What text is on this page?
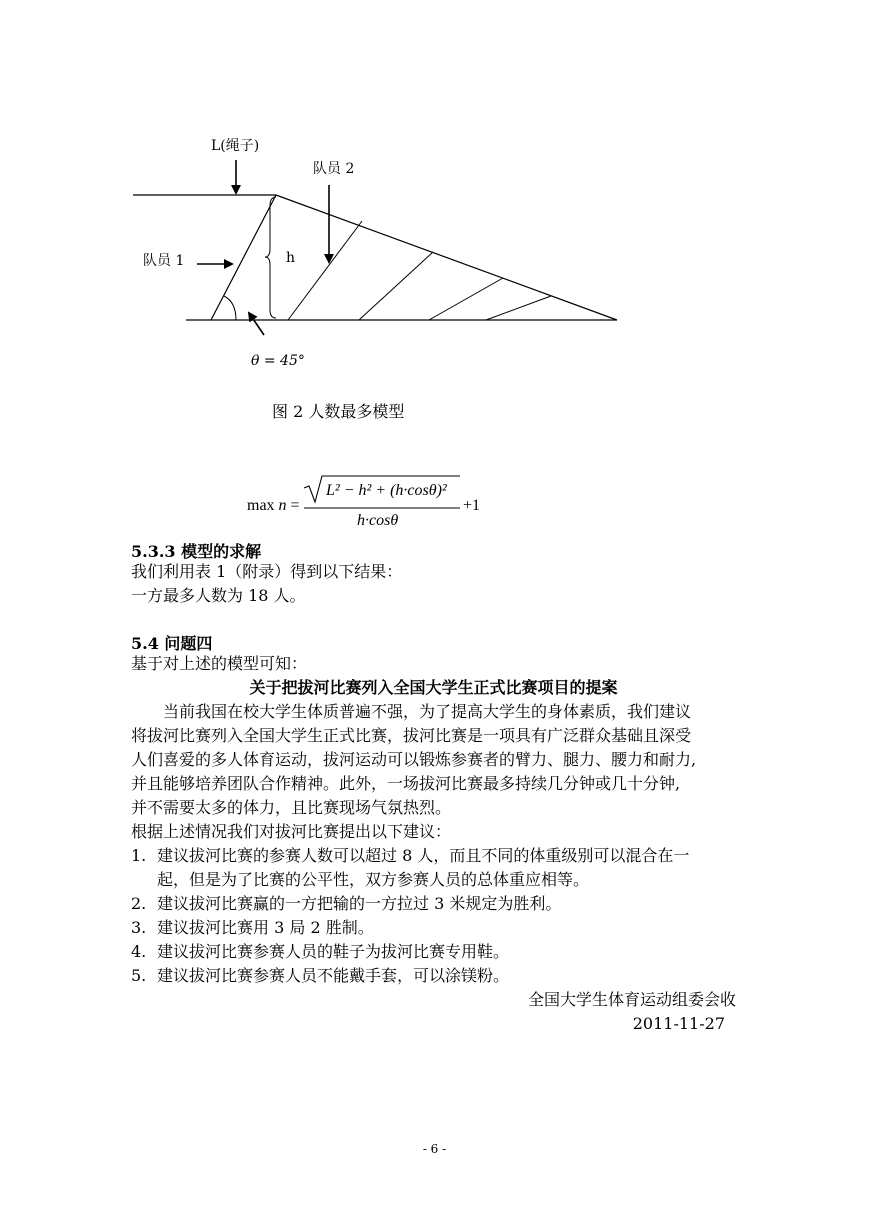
L(绳子)
队员 2
队员 1	h
θ = 45°
图 2 人数最多模型
max n =
L² − h² + (h·cosθ)²
h·cosθ
+1
5.3.3 模型的求解
我们利用表 1（附录）得到以下结果：
一方最多人数为 18 人。
5.4 问题四
基于对上述的模型可知：
关于把拔河比赛列入全国大学生正式比赛项目的提案
当前我国在校大学生体质普遍不强，为了提高大学生的身体素质，我们建议
将拔河比赛列入全国大学生正式比赛，拔河比赛是一项具有广泛群众基础且深受
人们喜爱的多人体育运动，拔河运动可以锻炼参赛者的臂力、腿力、腰力和耐力,
并且能够培养团队合作精神。此外，一场拔河比赛最多持续几分钟或几十分钟,
并不需要太多的体力，且比赛现场气氛热烈。
根据上述情况我们对拔河比赛提出以下建议：
1. 建议拔河比赛的参赛人数可以超过 8 人，而且不同的体重级别可以混合在一
起，但是为了比赛的公平性，双方参赛人员的总体重应相等。
2. 建议拔河比赛赢的一方把输的一方拉过 3 米规定为胜利。
3. 建议拔河比赛用 3 局 2 胜制。
4. 建议拔河比赛参赛人员的鞋子为拔河比赛专用鞋。
5. 建议拔河比赛参赛人员不能戴手套，可以涂镁粉。
全国大学生体育运动组委会收
2011-11-27
- 6 -
